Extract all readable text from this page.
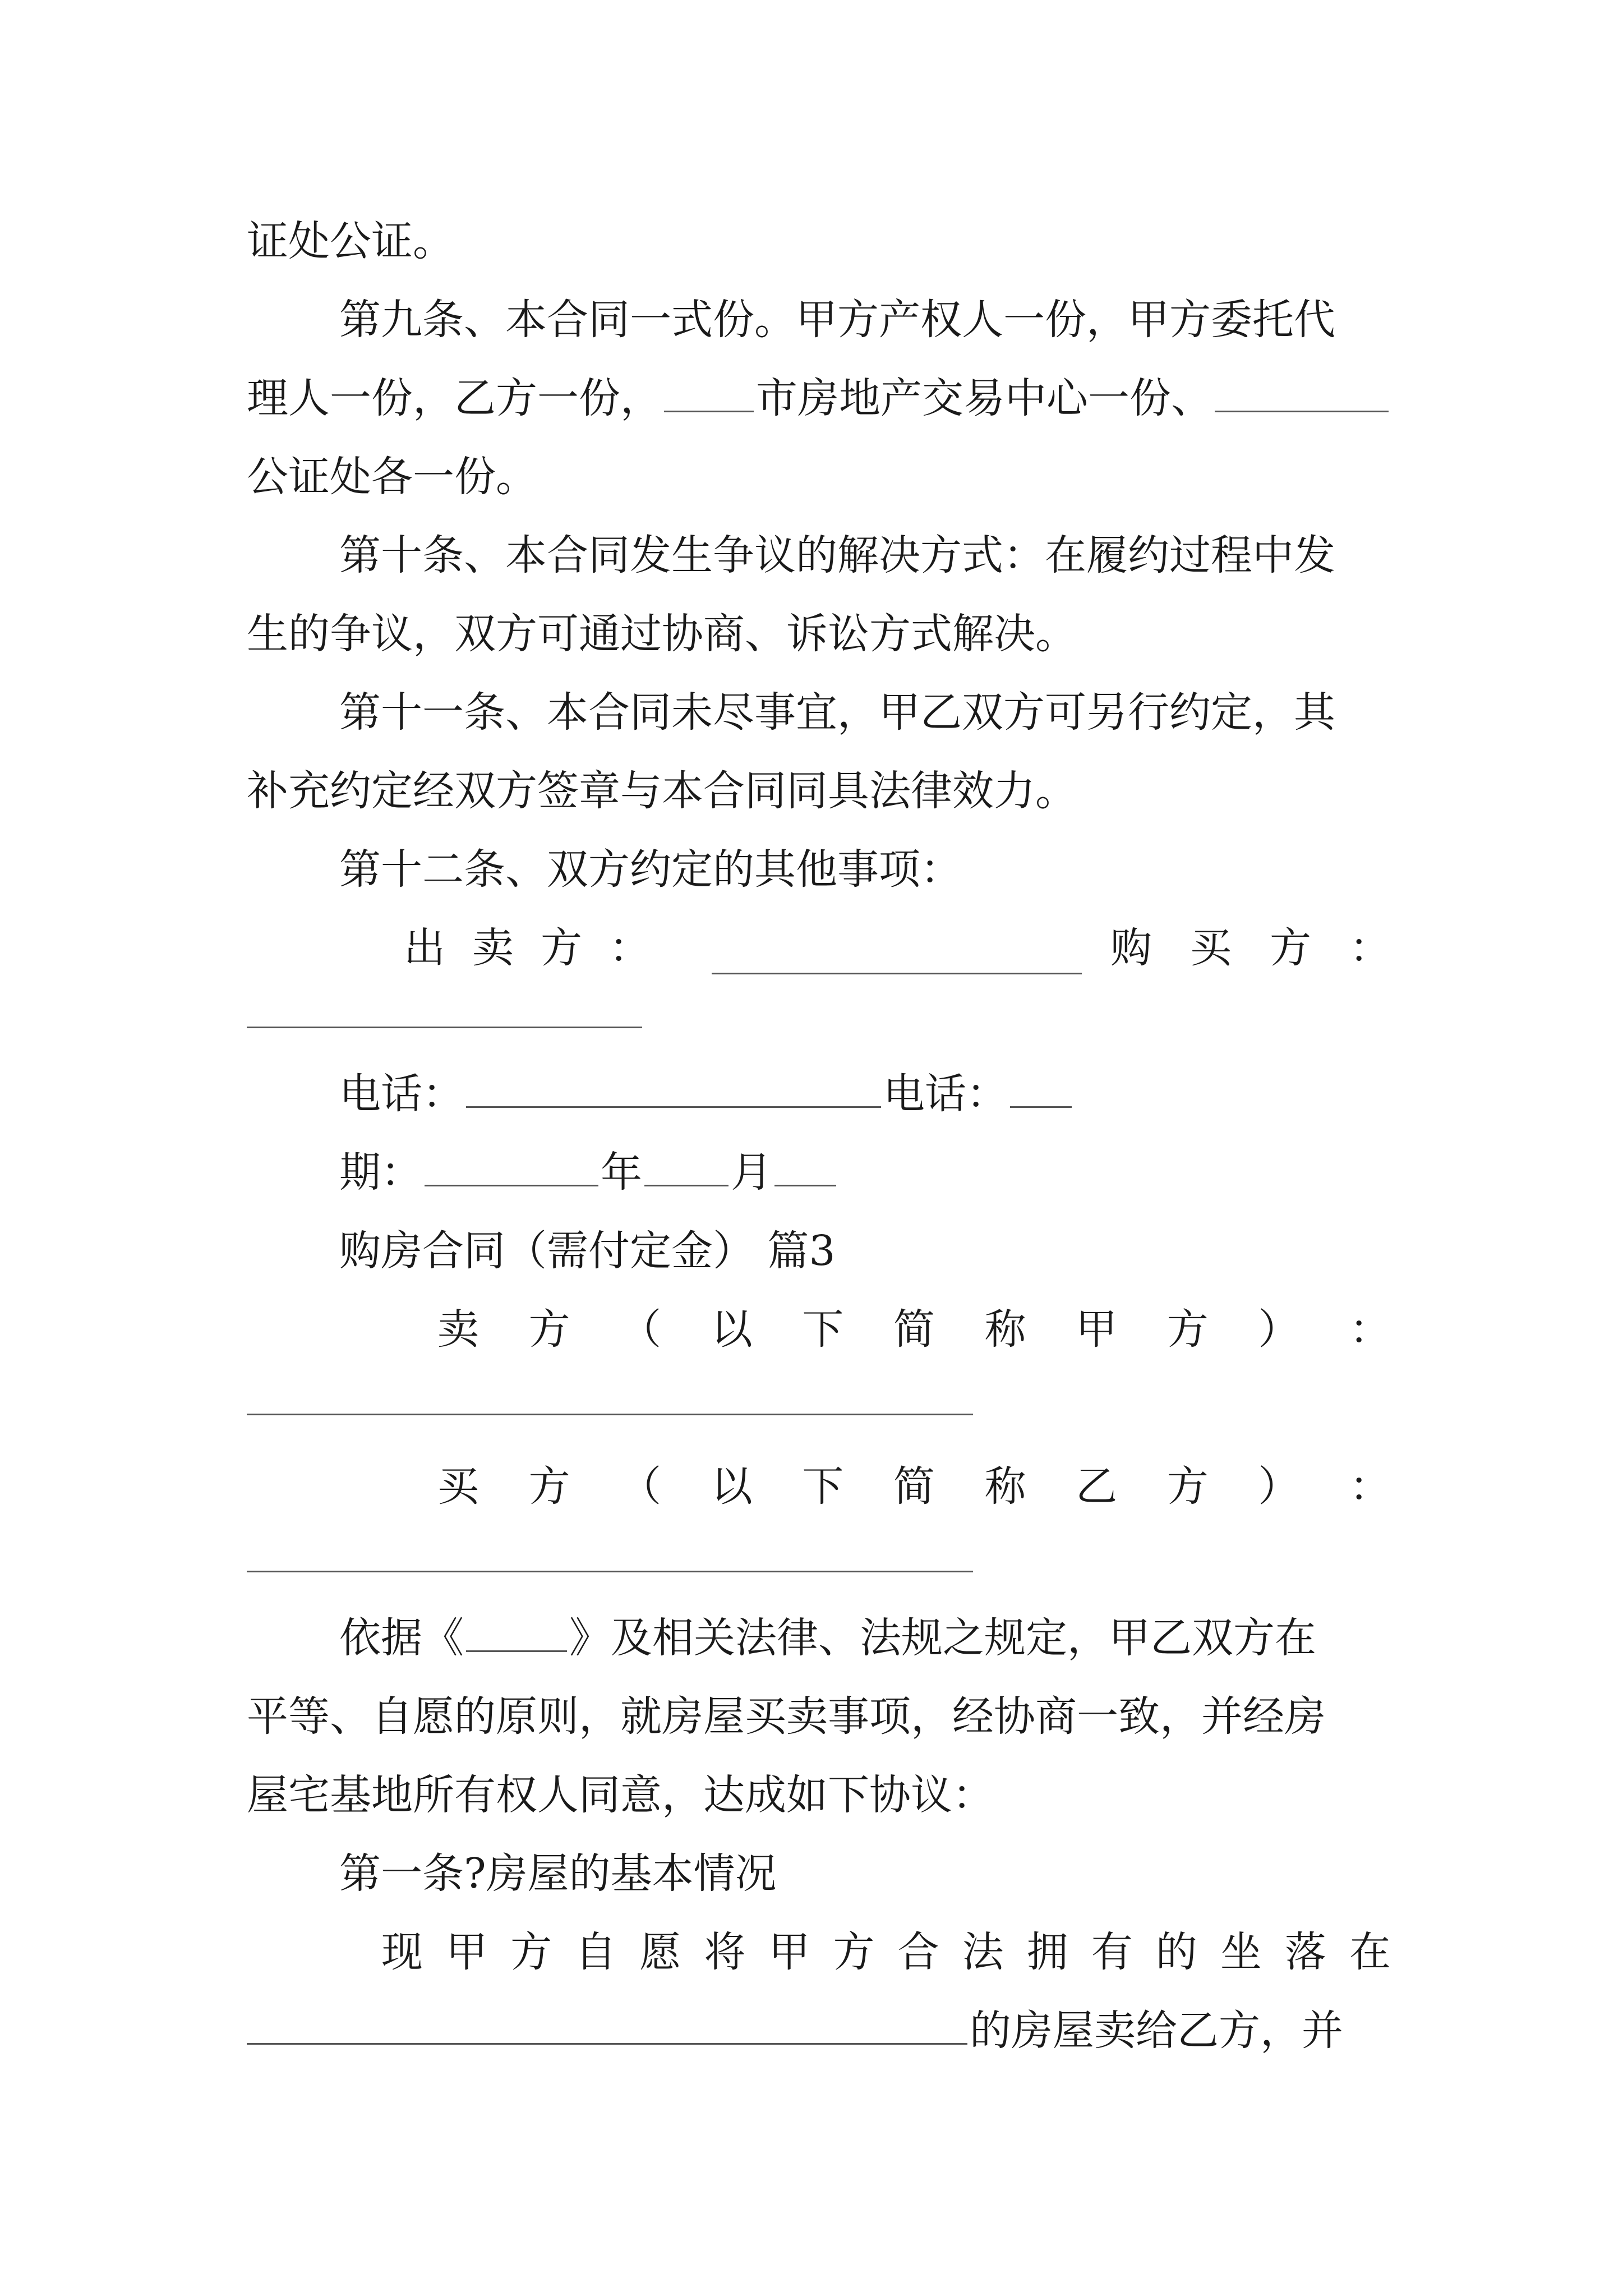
证处公证。
第九条、本合同一式份。甲方产权人一份，甲方委托代
理人一份，乙方一份， 市房地产交易中心一份、
公证处各一份。
第十条、本合同发生争议的解决方式：在履约过程中发
生的争议，双方可通过协商、诉讼方式解决。
第十一条、本合同未尽事宜，甲乙双方可另行约定，其
补充约定经双方签章与本合同同具法律效力。
第十二条、双方约定的其他事项：
出 卖 方 ：	购 买 方 ：
电话：	电话：
期：	年 月
购房合同（需付定金） 篇3
卖 方 （ 以 下 简 称 甲 方 ） ：
买 方 （ 以 下 简 称 乙 方 ） ：
依据《	》及相关法律、法规之规定，甲乙双方在
平等、自愿的原则，就房屋买卖事项，经协商一致，并经房
屋宅基地所有权人同意，达成如下协议：
第一条?房屋的基本情况
现 甲 方 自 愿 将 甲 方 合 法 拥 有 的 坐 落 在
的房屋卖给乙方，并
